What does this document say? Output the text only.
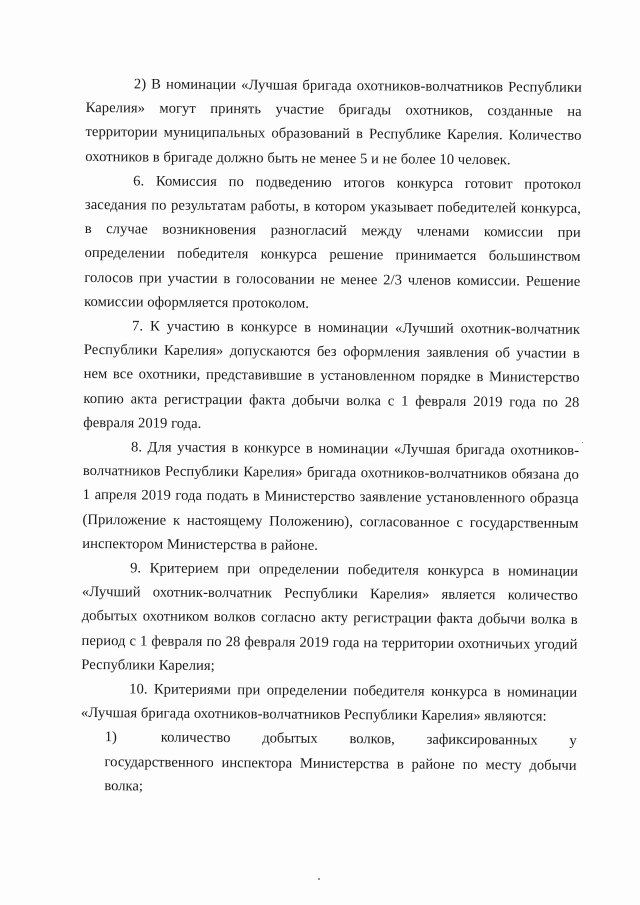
2) В номинации «Лучшая бригада охотников-волчатников Республики Карелия» могут принять участие бригады охотников, созданные на территории муниципальных образований в Республике Карелия. Количество охотников в бригаде должно быть не менее 5 и не более 10 человек.

6. Комиссия по подведению итогов конкурса готовит протокол заседания по результатам работы, в котором указывает победителей конкурса, в случае возникновения разногласий между членами комиссии при определении победителя конкурса решение принимается большинством голосов при участии в голосовании не менее 2/3 членов комиссии. Решение комиссии оформляется протоколом.

7. К участию в конкурсе в номинации «Лучший охотник-волчатник Республики Карелия» допускаются без оформления заявления об участии в нем все охотники, представившие в установленном порядке в Министерство копию акта регистрации факта добычи волка с 1 февраля 2019 года по 28 февраля 2019 года.

8. Для участия в конкурсе в номинации «Лучшая бригада охотников-волчатников Республики Карелия» бригада охотников-волчатников обязана до 1 апреля 2019 года подать в Министерство заявление установленного образца (Приложение к настоящему Положению), согласованное с государственным инспектором Министерства в районе.

9. Критерием при определении победителя конкурса в номинации «Лучший охотник-волчатник Республики Карелия» является количество добытых охотником волков согласно акту регистрации факта добычи волка в период с 1 февраля по 28 февраля 2019 года на территории охотничьих угодий Республики Карелия;

10. Критериями при определении победителя конкурса в номинации «Лучшая бригада охотников-волчатников Республики Карелия» являются:

1)	количество добытых волков, зафиксированных у государственного инспектора Министерства в районе по месту добычи волка;
